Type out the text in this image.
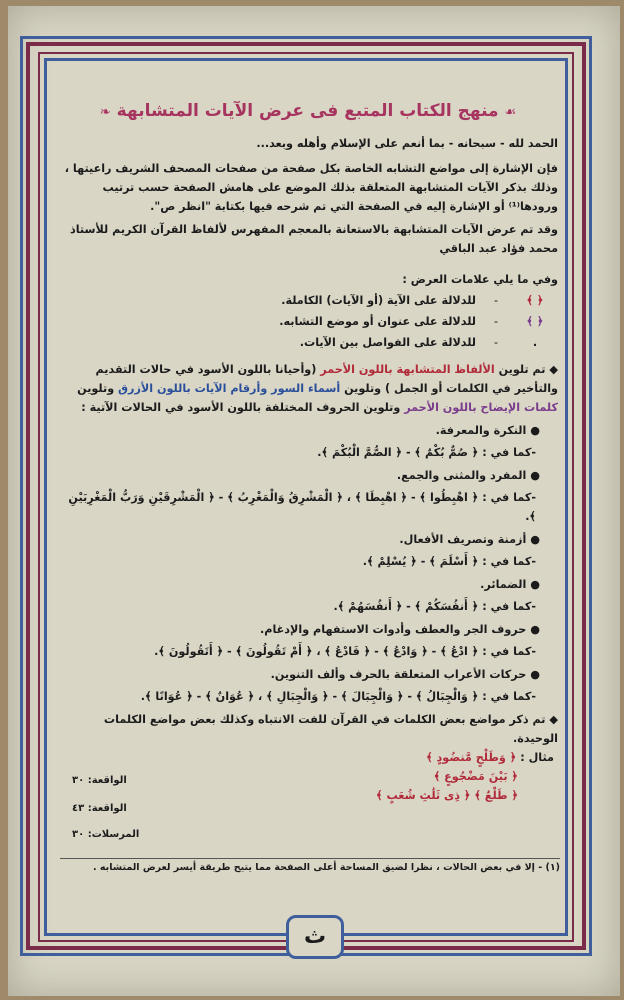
☙ منهج الكتاب المتبع فى عرض الآيات المتشابهة ❧

الحمد لله - سبحانه - بما أنعم على الإسلام وأهله وبعد...

فإن الإشارة إلى مواضع التشابه الخاصة بكل صفحة من صفحات المصحف الشريف راعيتها ، وذلك بذكر الآيات المتشابهة المتعلقة بذلك الموضع على هامش الصفحة حسب ترتيب ورودها⁽¹⁾ أو الإشارة إليه في الصفحة التي تم شرحه فيها بكتابة "انظر ص".

وقد تم عرض الآيات المتشابهة بالاستعانة بالمعجم المفهرس لألفاظ القرآن الكريم للأستاذ محمد فؤاد عبد الباقي

وفي ما يلي علامات العرض :

﴿ ﴾
-
للدلالة على الآية (أو الآيات) الكاملة.
﴿ ﴾
-
للدلالة على عنوان أو موضع التشابه.
.
-
للدلالة على الفواصل بين الآيات.

◆ تم تلوين الألفاظ المتشابهة باللون الأحمر (وأحيانا باللون الأسود في حالات التقديم والتأخير في الكلمات أو الجمل ) وتلوين أسماء السور وأرقام الآيات باللون الأزرق وتلوين كلمات الإيضاح باللون الأحمر وتلوين الحروف المختلفة باللون الأسود في الحالات الآتية :

● النكرة والمعرفة.

-كما في : ﴿ صُمٌّ بُكْمٌ ﴾ - ﴿ الصُّمَّ الْبُكْمَ ﴾.

● المفرد والمثنى والجمع.

-كما في : ﴿ اهْبِطُوا ﴾ - ﴿ اهْبِطَا ﴾ ، ﴿ الْمَشْرِقُ وَالْمَغْرِبُ ﴾ - ﴿ الْمَشْرِقَيْنِ وَرَبُّ الْمَغْرِبَيْنِ ﴾.

● أزمنة وتصريف الأفعال.

-كما في : ﴿ أَسْلَمَ ﴾ - ﴿ يُسْلِمْ ﴾.

● الضمائر.

-كما في : ﴿ أَنفُسَكُمْ ﴾ - ﴿ أَنفُسَهُمْ ﴾.

● حروف الجر والعطف وأدوات الاستفهام والإدغام.

-كما في : ﴿ ادْعُ ﴾ - ﴿ وَادْعُ ﴾ - ﴿ فَادْعُ ﴾ ، ﴿ أَمْ تَقُولُونَ ﴾ - ﴿ أَتَقُولُونَ ﴾.

● حركات الأعراب المتعلقة بالحرف وألف التنوين.

-كما في : ﴿ وَالْجِبَالُ ﴾ - ﴿ وَالْجِبَالَ ﴾ - ﴿ وَالْجِبَالِ ﴾ ، ﴿ عُوَانٌ ﴾ - ﴿ عُوَانًا ﴾.

◆ تم ذكر مواضع بعض الكلمات في القرآن للفت الانتباه وكذلك بعض مواضع الكلمات الوحيدة.

مثال : ﴿ وَطَلْحٍ مَّنضُودٍ ﴾

﴿ بَيْنَ مَضْجُوعٍ ﴾

﴿ طَلْعٌ ﴾ ﴿ ذِى ثَلَٰثِ شُعَبٍ ﴾

الواقعة: ٣٠
الواقعة: ٤٣
المرسلات: ٣٠
(١) - إلا في بعض الحالات ، نظرا لضيق المساحة أعلى الصفحة مما يتيح طريقة أيسر لعرض المتشابه .
ث
